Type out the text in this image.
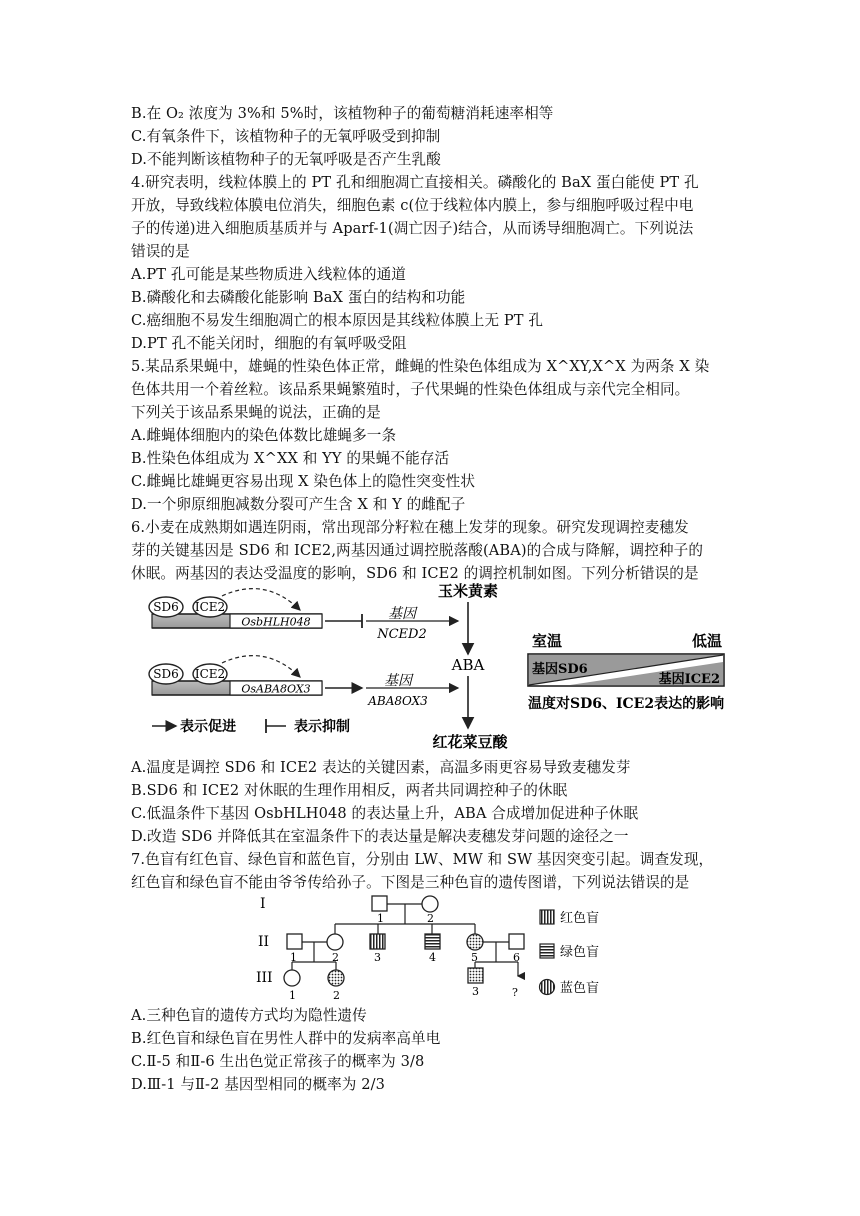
B.在 O₂ 浓度为 3%和 5%时，该植物种子的葡萄糖消耗速率相等
C.有氧条件下，该植物种子的无氧呼吸受到抑制
D.不能判断该植物种子的无氧呼吸是否产生乳酸
4.研究表明，线粒体膜上的 PT 孔和细胞凋亡直接相关。磷酸化的 BaX 蛋白能使 PT 孔
开放，导致线粒体膜电位消失，细胞色素 c(位于线粒体内膜上，参与细胞呼吸过程中电
子的传递)进入细胞质基质并与 Aparf-1(凋亡因子)结合，从而诱导细胞凋亡。下列说法
错误的是
A.PT 孔可能是某些物质进入线粒体的通道
B.磷酸化和去磷酸化能影响 BaX 蛋白的结构和功能
C.癌细胞不易发生细胞凋亡的根本原因是其线粒体膜上无 PT 孔
D.PT 孔不能关闭时，细胞的有氧呼吸受阻
5.某品系果蝇中，雄蝇的性染色体正常，雌蝇的性染色体组成为 X^XY,X^X 为两条 X 染
色体共用一个着丝粒。该品系果蝇繁殖时，子代果蝇的性染色体组成与亲代完全相同。
下列关于该品系果蝇的说法，正确的是
A.雌蝇体细胞内的染色体数比雄蝇多一条
B.性染色体组成为 X^XX 和 YY 的果蝇不能存活
C.雌蝇比雄蝇更容易出现 X 染色体上的隐性突变性状
D.一个卵原细胞减数分裂可产生含 X 和 Y 的雌配子
6.小麦在成熟期如遇连阴雨，常出现部分籽粒在穗上发芽的现象。研究发现调控麦穗发
芽的关键基因是 SD6 和 ICE2,两基因通过调控脱落酸(ABA)的合成与降解，调控种子的
休眠。两基因的表达受温度的影响，SD6 和 ICE2 的调控机制如图。下列分析错误的是
OsbHLH048
SD6 ICE2
OsABA8OX3
SD6 ICE2
基因
NCED2
基因
ABA8OX3
玉米黄素
ABA
红花菜豆酸
表示促进	表示抑制
室温	低温
基因SD6
基因ICE2
温度对SD6、ICE2表达的影响
A.温度是调控 SD6 和 ICE2 表达的关键因素，高温多雨更容易导致麦穗发芽
B.SD6 和 ICE2 对休眠的生理作用相反，两者共同调控种子的休眠
C.低温条件下基因 OsbHLH048 的表达量上升，ABA 合成增加促进种子休眠
D.改造 SD6 并降低其在室温条件下的表达量是解决麦穗发芽问题的途径之一
7.色盲有红色盲、绿色盲和蓝色盲，分别由 LW、MW 和 SW 基因突变引起。调查发现，
红色盲和绿色盲不能由爷爷传给孙子。下图是三种色盲的遗传图谱，下列说法错误的是
I
II
III
1	2
1	2	3	4	5	6
1	2	3	?
红色盲
绿色盲
蓝色盲
A.三种色盲的遗传方式均为隐性遗传
B.红色盲和绿色盲在男性人群中的发病率高单电
C.Ⅱ-5 和Ⅱ-6 生出色觉正常孩子的概率为 3/8
D.Ⅲ-1 与Ⅱ-2 基因型相同的概率为 2/3
